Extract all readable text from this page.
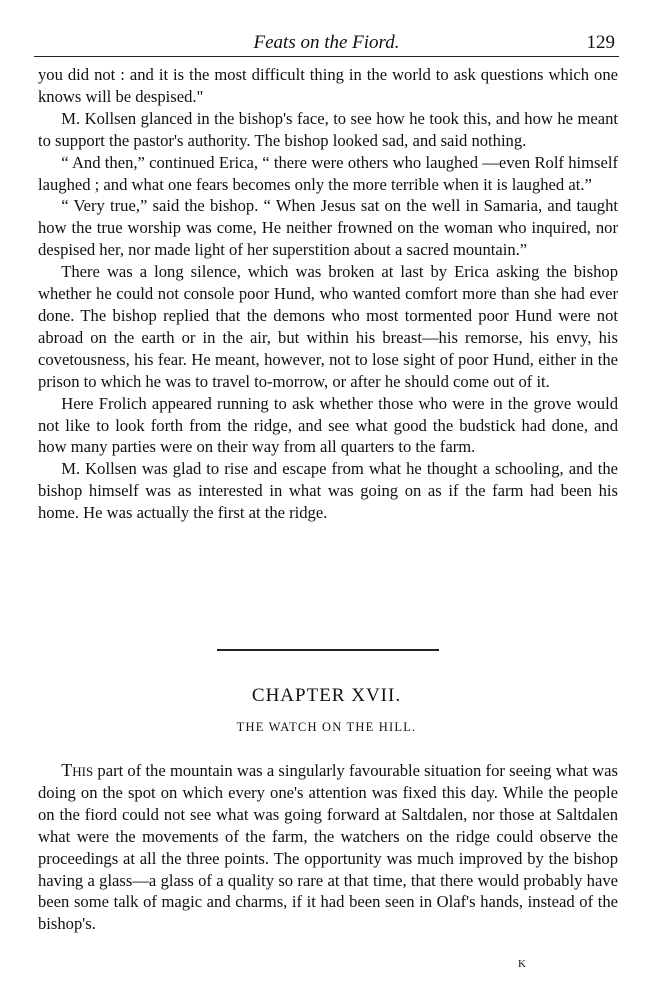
Feats on the Fiord.	129

you did not : and it is the most difficult thing in the world to ask questions which one knows will be despised."

M. Kollsen glanced in the bishop's face, to see how he took this, and how he meant to support the pastor's authority. The bishop looked sad, and said nothing.

“ And then,” continued Erica, “ there were others who laughed —even Rolf himself laughed ; and what one fears becomes only the more terrible when it is laughed at.”

“ Very true,” said the bishop. “ When Jesus sat on the well in Samaria, and taught how the true worship was come, He neither frowned on the woman who inquired, nor despised her, nor made light of her superstition about a sacred mountain.”

There was a long silence, which was broken at last by Erica asking the bishop whether he could not console poor Hund, who wanted comfort more than she had ever done. The bishop replied that the demons who most tormented poor Hund were not abroad on the earth or in the air, but within his breast—his remorse, his envy, his covetousness, his fear. He meant, however, not to lose sight of poor Hund, either in the prison to which he was to travel to-morrow, or after he should come out of it.

Here Frolich appeared running to ask whether those who were in the grove would not like to look forth from the ridge, and see what good the budstick had done, and how many parties were on their way from all quarters to the farm.

M. Kollsen was glad to rise and escape from what he thought a schooling, and the bishop himself was as interested in what was going on as if the farm had been his home. He was actually the first at the ridge.

CHAPTER XVII.
THE WATCH ON THE HILL.

This part of the mountain was a singularly favourable situation for seeing what was doing on the spot on which every one's attention was fixed this day. While the people on the fiord could not see what was going forward at Saltdalen, nor those at Saltdalen what were the movements of the farm, the watchers on the ridge could observe the proceedings at all the three points. The opportunity was much improved by the bishop having a glass—a glass of a quality so rare at that time, that there would probably have been some talk of magic and charms, if it had been seen in Olaf's hands, instead of the bishop's.

K
